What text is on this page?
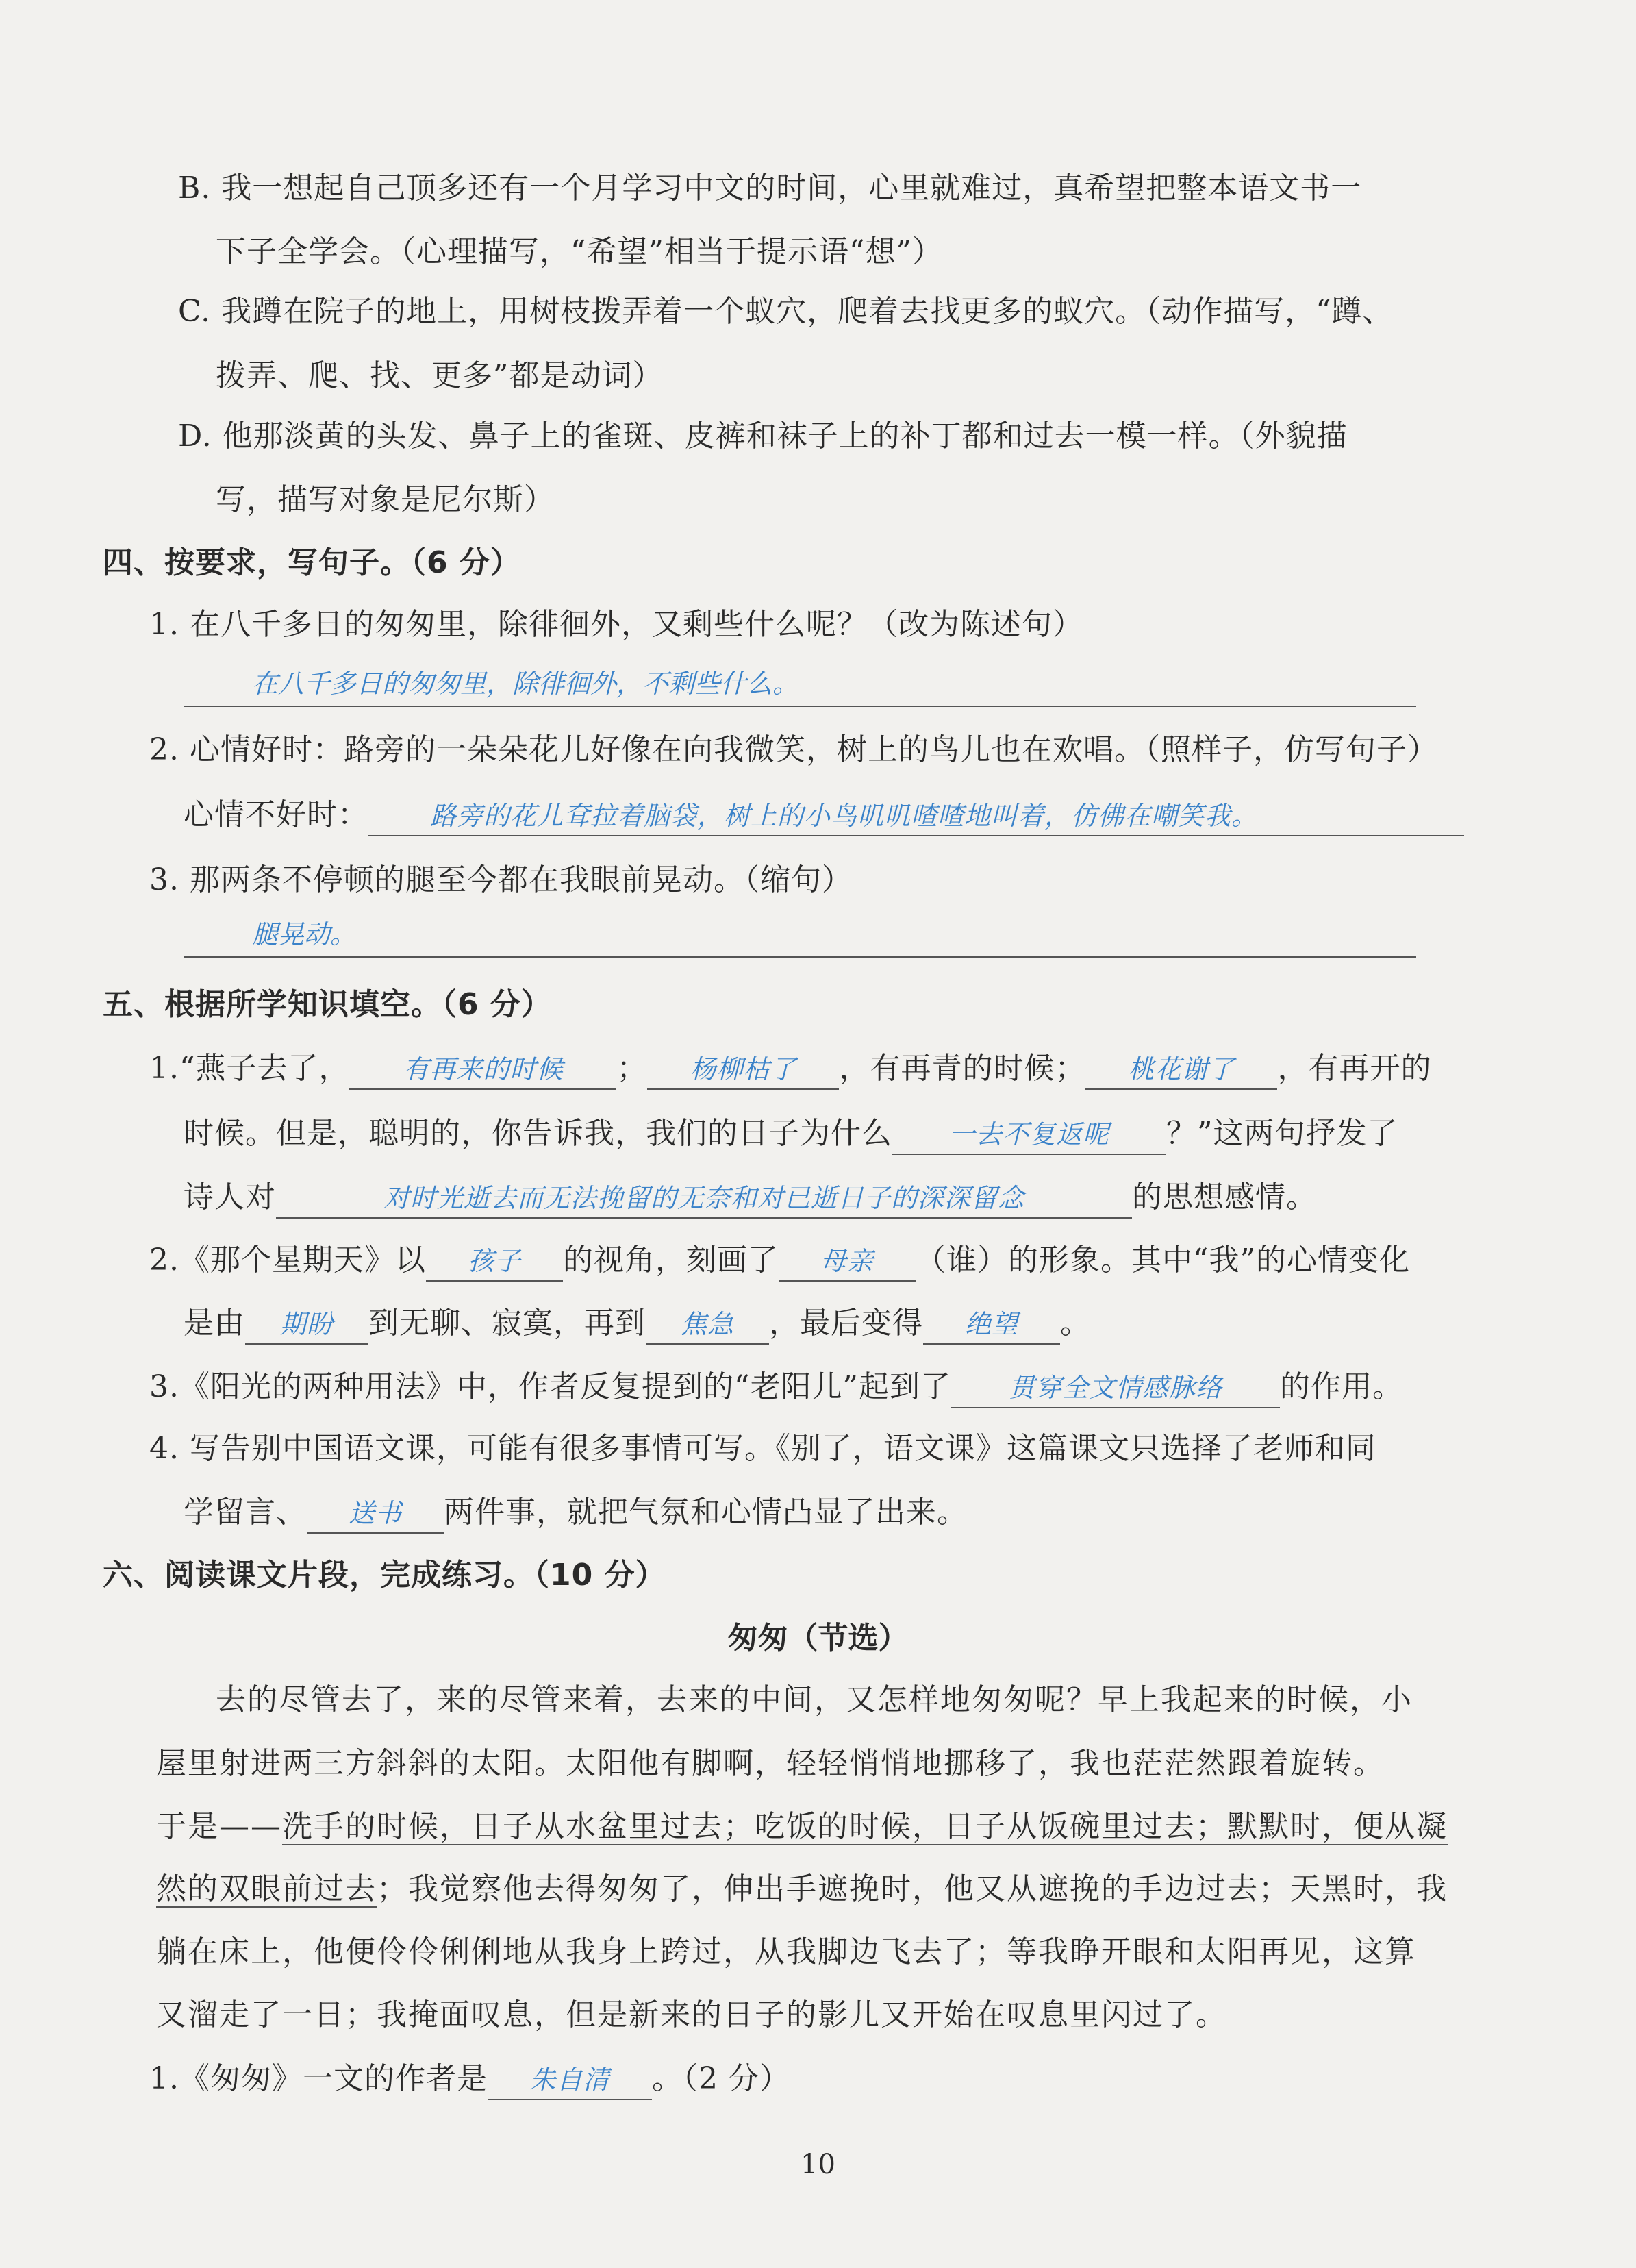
B. 我一想起自己顶多还有一个月学习中文的时间，心里就难过，真希望把整本语文书一
下子全学会。（心理描写，“希望”相当于提示语“想”）
C. 我蹲在院子的地上，用树枝拨弄着一个蚁穴，爬着去找更多的蚁穴。（动作描写，“蹲、
拨弄、爬、找、更多”都是动词）
D. 他那淡黄的头发、鼻子上的雀斑、皮裤和袜子上的补丁都和过去一模一样。（外貌描
写，描写对象是尼尔斯）
四、按要求，写句子。（6 分）
1. 在八千多日的匆匆里，除徘徊外，又剩些什么呢？（改为陈述句）
在八千多日的匆匆里，除徘徊外，不剩些什么。
2. 心情好时：路旁的一朵朵花儿好像在向我微笑，树上的鸟儿也在欢唱。（照样子，仿写句子）
心情不好时： 路旁的花儿耷拉着脑袋，树上的小鸟叽叽喳喳地叫着，仿佛在嘲笑我。
3. 那两条不停顿的腿至今都在我眼前晃动。（缩句）
腿晃动。
五、根据所学知识填空。（6 分）
1.“燕子去了， 有再来的时候 ； 杨柳枯了 ，有再青的时候； 桃花谢了 ，有再开的
时候。但是，聪明的，你告诉我，我们的日子为什么 一去不复返呢 ？”这两句抒发了
诗人对	对时光逝去而无法挽留的无奈和对已逝日子的深深留念	的思想感情。
2.《那个星期天》以 孩子 的视角，刻画了 母亲 （谁）的形象。其中“我”的心情变化
是由 期盼 到无聊、寂寞，再到 焦急 ，最后变得 绝望 。
3.《阳光的两种用法》中，作者反复提到的“老阳儿”起到了 贯穿全文情感脉络 的作用。
4. 写告别中国语文课，可能有很多事情可写。《别了，语文课》这篇课文只选择了老师和同
学留言、 送书 两件事，就把气氛和心情凸显了出来。
六、阅读课文片段，完成练习。（10 分）
匆匆（节选）
去的尽管去了，来的尽管来着，去来的中间，又怎样地匆匆呢？早上我起来的时候，小
屋里射进两三方斜斜的太阳。太阳他有脚啊，轻轻悄悄地挪移了，我也茫茫然跟着旋转。
于是——洗手的时候，日子从水盆里过去；吃饭的时候，日子从饭碗里过去；默默时，便从凝
然的双眼前过去；我觉察他去得匆匆了，伸出手遮挽时，他又从遮挽的手边过去；天黑时，我
躺在床上，他便伶伶俐俐地从我身上跨过，从我脚边飞去了；等我睁开眼和太阳再见，这算
又溜走了一日；我掩面叹息，但是新来的日子的影儿又开始在叹息里闪过了。
1.《匆匆》一文的作者是 朱自清 。（2 分）
10
